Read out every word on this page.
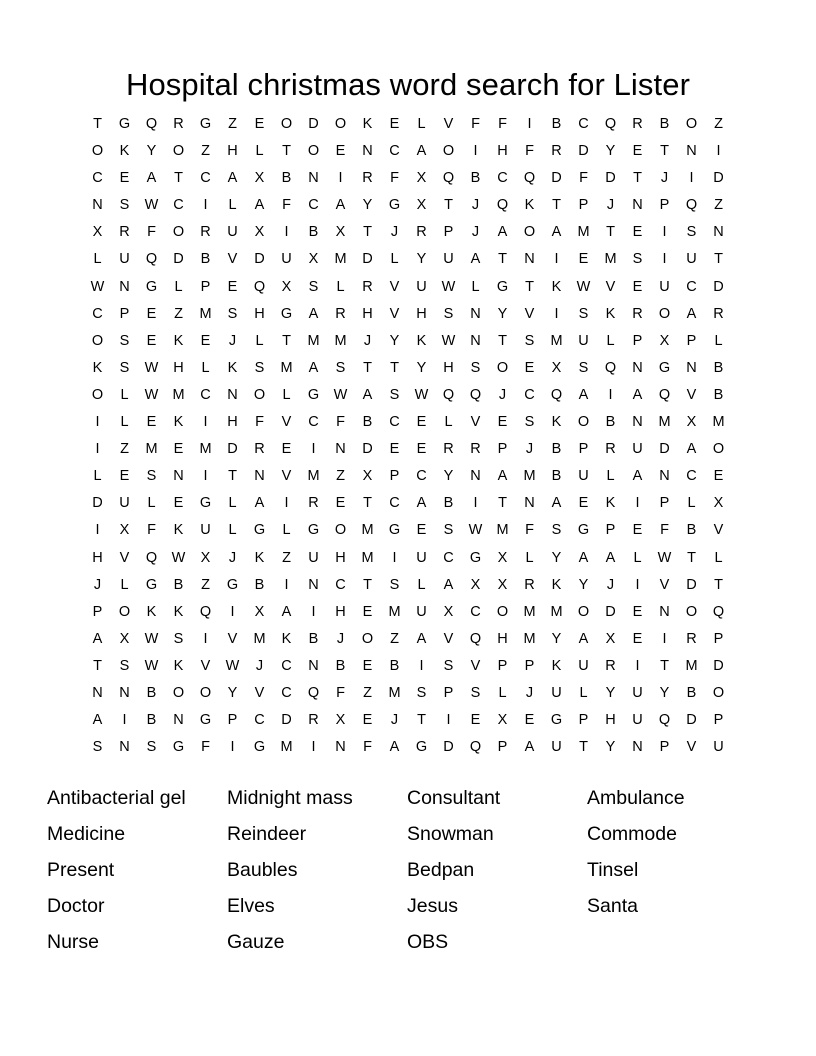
Hospital christmas word search for Lister
T	G	Q	R	G	Z	E	O	D	O	K	E	L	V	F	F	I	B	C	Q	R	B	O	Z
O	K	Y	O	Z	H	L	T	O	E	N	C	A	O	I	H	F	R	D	Y	E	T	N	I
C	E	A	T	C	A	X	B	N	I	R	F	X	Q	B	C	Q	D	F	D	T	J	I	D
N	S	W	C	I	L	A	F	C	A	Y	G	X	T	J	Q	K	T	P	J	N	P	Q	Z
X	R	F	O	R	U	X	I	B	X	T	J	R	P	J	A	O	A	M	T	E	I	S	N
L	U	Q	D	B	V	D	U	X	M	D	L	Y	U	A	T	N	I	E	M	S	I	U	T
W	N	G	L	P	E	Q	X	S	L	R	V	U	W	L	G	T	K	W	V	E	U	C	D
C	P	E	Z	M	S	H	G	A	R	H	V	H	S	N	Y	V	I	S	K	R	O	A	R
O	S	E	K	E	J	L	T	M	M	J	Y	K	W	N	T	S	M	U	L	P	X	P	L
K	S	W	H	L	K	S	M	A	S	T	T	Y	H	S	O	E	X	S	Q	N	G	N	B
O	L	W M	C	N	O	L	G	W	A	S	W	Q	Q	J	C	Q	A	I	A	Q	V	B
I	L	E	K	I	H	F	V	C	F	B	C	E	L	V	E	S	K	O	B	N	M	X	M
I	Z	M	E	M	D	R	E	I	N	D	E	E	R	R	P	J	B	P	R	U	D	A	O
L	E	S	N	I	T	N	V	M	Z	X	P	C	Y	N	A	M	B	U	L	A	N	C	E
D	U	L	E	G	L	A	I	R	E	T	C	A	B	I	T	N	A	E	K	I	P	L	X
I	X	F	K	U	L	G	L	G	O	M	G	E	S	W M	F	S	G	P	E	F	B	V
H	V	Q	W	X	J	K	Z	U	H	M	I	U	C	G	X	L	Y	A	A	L	W	T	L
J	L	G	B	Z	G	B	I	N	C	T	S	L	A	X	X	R	K	Y	J	I	V	D	T
P	O	K	K	Q	I	X	A	I	H	E	M	U	X	C	O	M	M	O	D	E	N	O	Q
A	X	W	S	I	V	M	K	B	J	O	Z	A	V	Q	H	M	Y	A	X	E	I	R	P
T	S	W	K	V	W	J	C	N	B	E	B	I	S	V	P	P	K	U	R	I	T	M	D
N	N	B	O	O	Y	V	C	Q	F	Z	M	S	P	S	L	J	U	L	Y	U	Y	B	O
A	I	B	N	G	P	C	D	R	X	E	J	T	I	E	X	E	G	P	H	U	Q	D	P
S	N	S	G	F	I	G	M	I	N	F	A	G	D	Q	P	A	U	T	Y	N	P	V	U
Antibacterial gel	Midnight mass	Consultant	Ambulance
Medicine	Reindeer	Snowman	Commode
Present	Baubles	Bedpan	Tinsel
Doctor	Elves	Jesus	Santa
Nurse	Gauze	OBS
